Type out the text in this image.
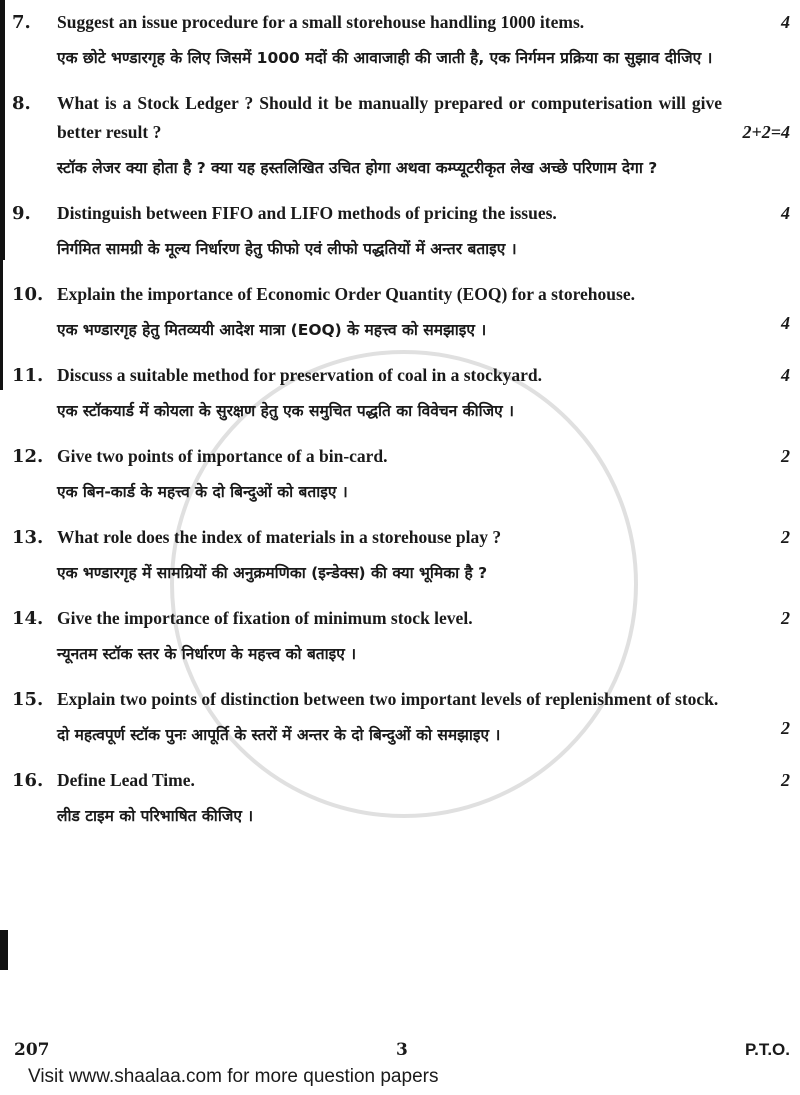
7.	4
Suggest an issue procedure for a small storehouse handling 1000 items.
एक छोटे भण्डारगृह के लिए जिसमें 1000 मदों की आवाजाही की जाती है, एक निर्गमन प्रक्रिया का सुझाव दीजिए ।
8.
2+2=4
What is a Stock Ledger ? Should it be manually prepared or computerisation will give better result ?
स्टॉक लेजर क्या होता है ? क्या यह हस्तलिखित उचित होगा अथवा कम्प्यूटरीकृत लेख अच्छे परिणाम देगा ?
9.	4
Distinguish between FIFO and LIFO methods of pricing the issues.
निर्गमित सामग्री के मूल्य निर्धारण हेतु फीफो एवं लीफो पद्धतियों में अन्तर बताइए ।
10.
4
Explain the importance of Economic Order Quantity (EOQ) for a storehouse.
एक भण्डारगृह हेतु मितव्ययी आदेश मात्रा (EOQ) के महत्त्व को समझाइए ।
11.	4
Discuss a suitable method for preservation of coal in a stockyard.
एक स्टॉकयार्ड में कोयला के सुरक्षण हेतु एक समुचित पद्धति का विवेचन कीजिए ।
12.	2
Give two points of importance of a bin-card.
एक बिन-कार्ड के महत्त्व के दो बिन्दुओं को बताइए ।
13.	2
What role does the index of materials in a storehouse play ?
एक भण्डारगृह में सामग्रियों की अनुक्रमणिका (इन्डेक्स) की क्या भूमिका है ?
14.	2
Give the importance of fixation of minimum stock level.
न्यूनतम स्टॉक स्तर के निर्धारण के महत्त्व को बताइए ।
15.
2
Explain two points of distinction between two important levels of replenishment of stock.
दो महत्वपूर्ण स्टॉक पुनः आपूर्ति के स्तरों में अन्तर के दो बिन्दुओं को समझाइए ।
16.	2
Define Lead Time.
लीड टाइम को परिभाषित कीजिए ।
207	3	P.T.O.
Visit www.shaalaa.com for more question papers
